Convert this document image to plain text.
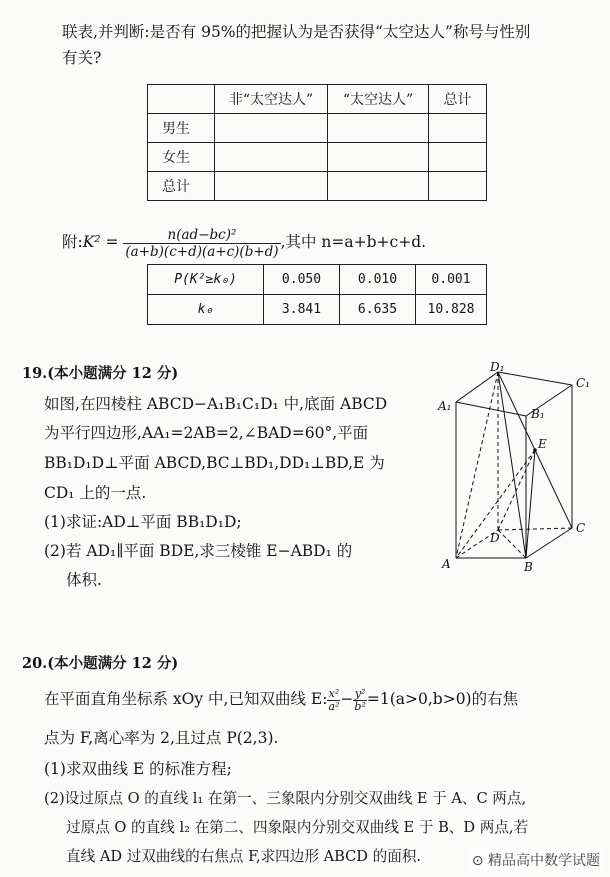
联表,并判断:是否有 95%的把握认为是否获得“太空达人”称号与性别
有关?
	非“太空达人”	“太空达人”	总计
男生			
女生			
总计			
附:K² = $\frac{\text{n(ad−bc)²}}{(a+b)(c+d)(a+c)(b+d)}$ ,其中 n=a+b+c+d.
P(K²≥k₀)	0.050	0.010	0.001
k₀	3.841	6.635	10.828
19.(本小题满分 12 分)
如图,在四棱柱 ABCD−A₁B₁C₁D₁ 中,底面 ABCD
为平行四边形,AA₁=2AB=2,∠BAD=60°,平面
BB₁D₁D⊥平面 ABCD,BC⊥BD₁,DD₁⊥BD,E 为
CD₁ 上的一点.
(1)求证:AD⊥平面 BB₁D₁D;
(2)若 AD₁∥平面 BDE,求三棱锥 E−ABD₁ 的
体积.
D₁
C₁
A₁
B₁
E
C
D
A	B
20.(本小题满分 12 分)
在平面直角坐标系 xOy 中,已知双曲线 E: $\frac{\text{x²}}{\text{a²}} - \frac{\text{y²}}{\text{b²}} =1(a>0,b>0)$的右焦
点为 F,离心率为 2,且过点 P(2,3).
(1)求双曲线 E 的标准方程;
(2)设过原点 O 的直线 l₁ 在第一、三象限内分别交双曲线 E 于 A、C 两点,
过原点 O 的直线 l₂ 在第二、四象限内分别交双曲线 E 于 B、D 两点,若
直线 AD 过双曲线的右焦点 F,求四边形 ABCD 的面积.	⊙ 精品高中数学试题
